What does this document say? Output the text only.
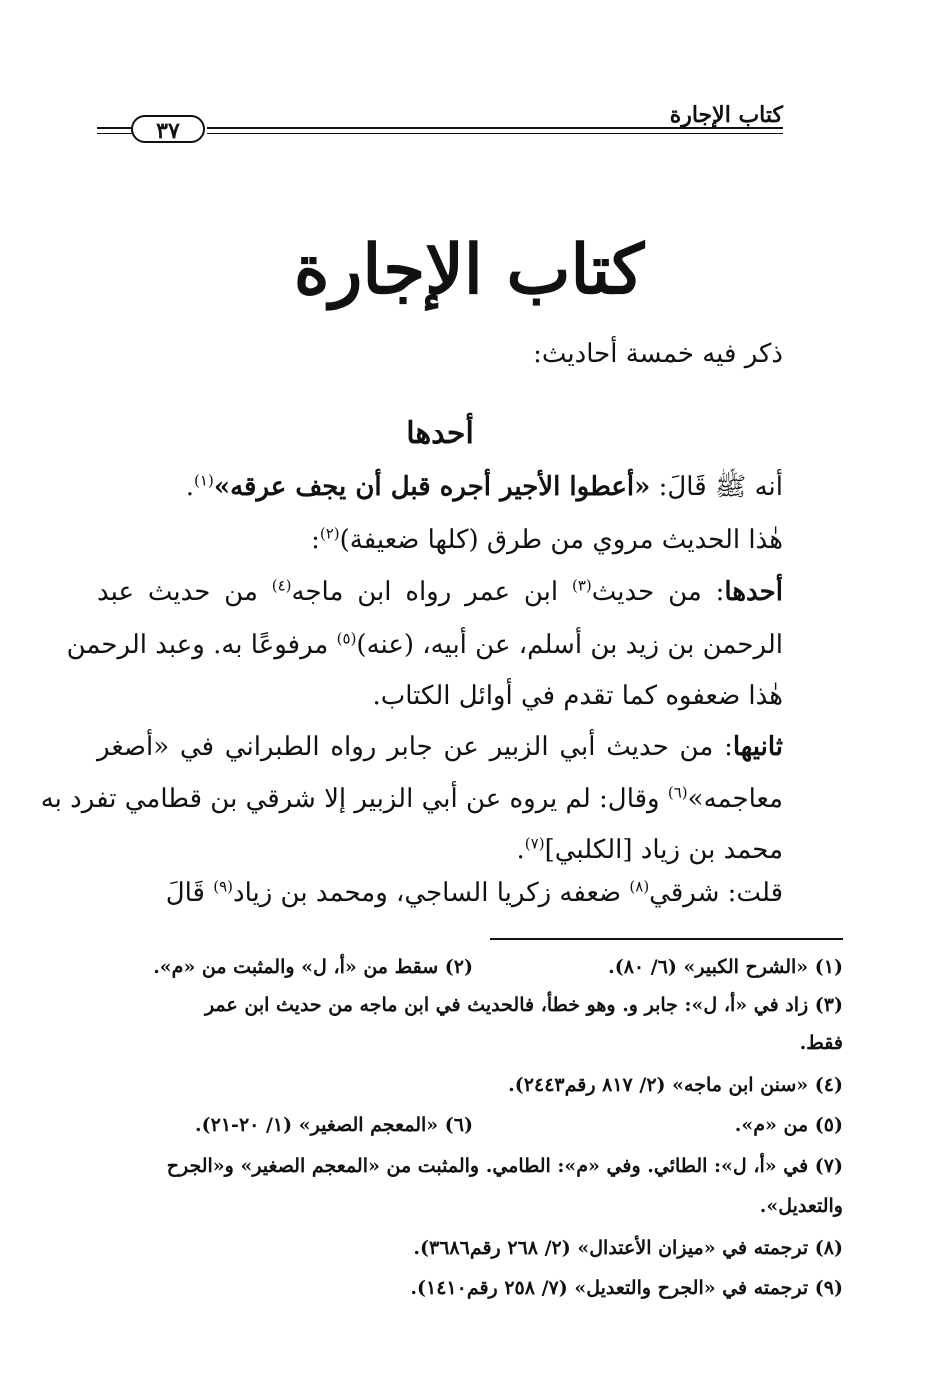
كتاب الإجارة
٣٧
كتاب الإجارة
ذكر فيه خمسة أحاديث:
أحدها
أنه ﷺ قَالَ: «أعطوا الأجير أجره قبل أن يجف عرقه»$^{(١)}$.
هٰذا الحديث مروي من طرق (كلها ضعيفة)$^{(٢)}$:
أحدها: من حديث$^{(٣)}$ ابن عمر رواه ابن ماجه$^{(٤)}$ من حديث عبد
الرحمن بن زيد بن أسلم، عن أبيه، (عنه)$^{(٥)}$ مرفوعًا به. وعبد الرحمن
هٰذا ضعفوه كما تقدم في أوائل الكتاب.
ثانيها: من حديث أبي الزبير عن جابر رواه الطبراني في «أصغر
معاجمه»$^{(٦)}$ وقال: لم يروه عن أبي الزبير إلا شرقي بن قطامي تفرد به
محمد بن زياد [الكلبي]$^{(٧)}$.
قلت: شرقي$^{(٨)}$ ضعفه زكريا الساجي، ومحمد بن زياد$^{(٩)}$ قَالَ
(١) «الشرح الكبير» (٦/ ٨٠).
(٢) سقط من «أ، ل» والمثبت من «م».
(٣) زاد في «أ، ل»: جابر و. وهو خطأ، فالحديث في ابن ماجه من حديث ابن عمر
فقط.
(٤) «سنن ابن ماجه» (٢/ ٨١٧ رقم٢٤٤٣).
(٥) من «م».
(٦) «المعجم الصغير» (١/ ٢٠-٢١).
(٧) في «أ، ل»: الطائي. وفي «م»: الطامي. والمثبت من «المعجم الصغير» و«الجرح
والتعديل».
(٨) ترجمته في «ميزان الأعتدال» (٢/ ٢٦٨ رقم٣٦٨٦).
(٩) ترجمته في «الجرح والتعديل» (٧/ ٢٥٨ رقم١٤١٠).
